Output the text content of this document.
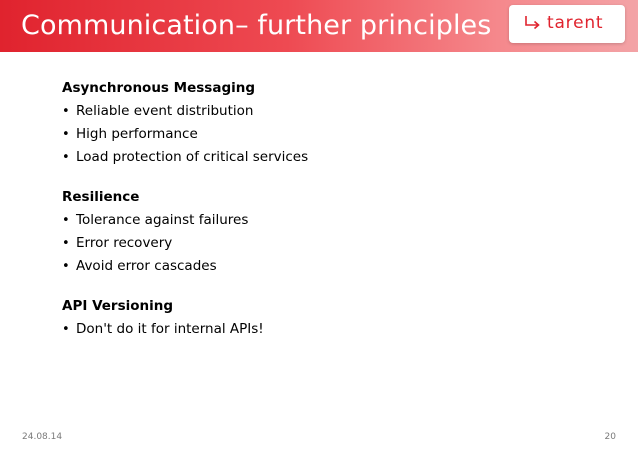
Communication– further principles	tarent
Asynchronous Messaging
• Reliable event distribution
• High performance
• Load protection of critical services
Resilience
• Tolerance against failures
• Error recovery
• Avoid error cascades
API Versioning
• Don't do it for internal APIs!
24.08.14	20
